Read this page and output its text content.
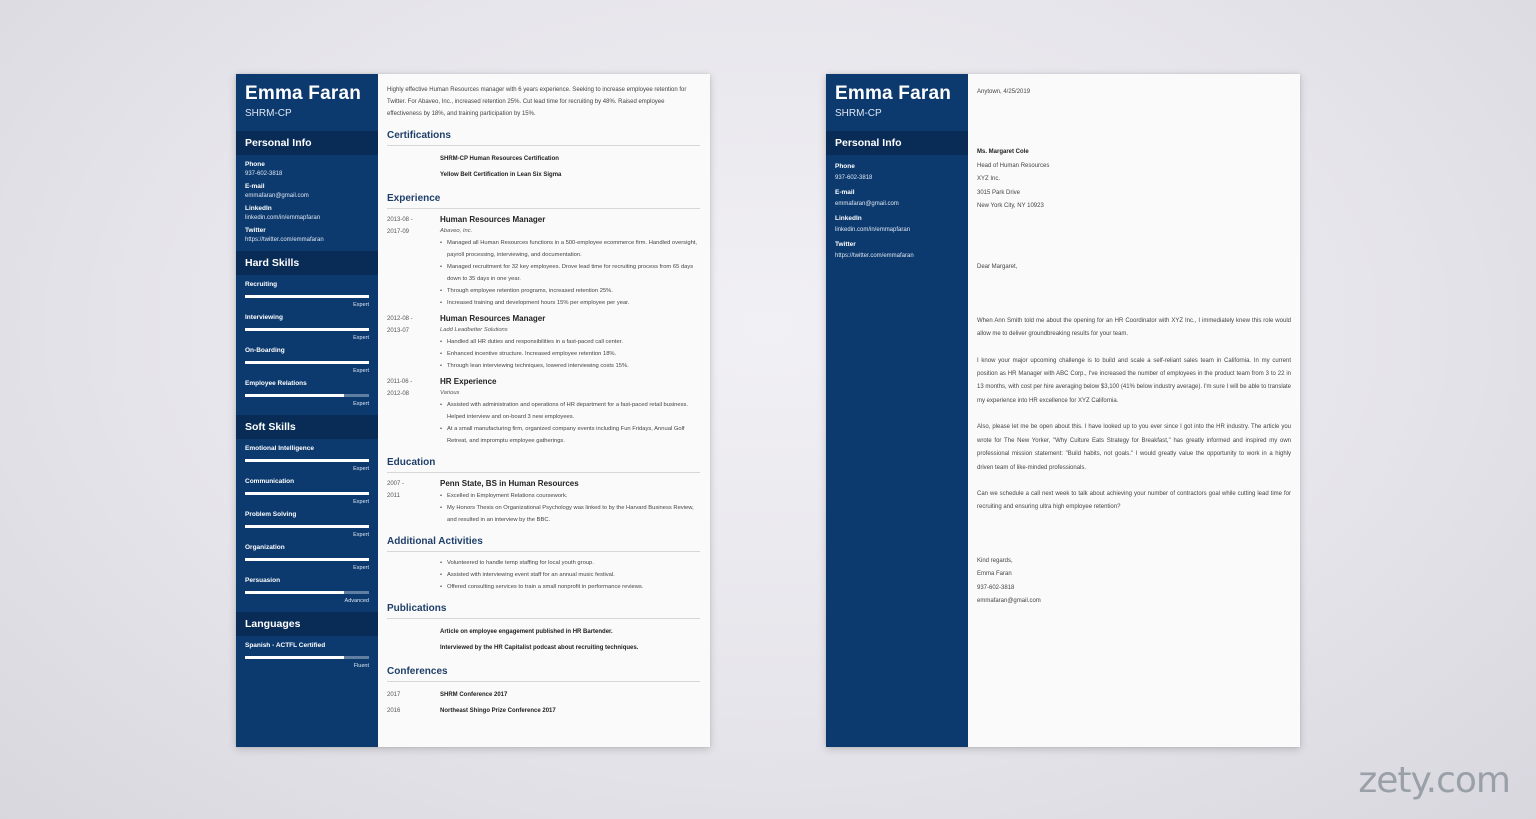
Emma Faran
SHRM-CP
Personal Info
Phone
937-602-3818
E-mail
emmafaran@gmail.com
LinkedIn
linkedin.com/in/emmapfaran
Twitter
https://twitter.com/emmafaran
Hard Skills
Recruiting
Expert
Interviewing
Expert
On-Boarding
Expert
Employee Relations
Expert
Soft Skills
Emotional Intelligence
Expert
Communication
Expert
Problem Solving
Expert
Organization
Expert
Persuasion
Advanced
Languages
Spanish - ACTFL Certified
Fluent
Highly effective Human Resources manager with 6 years experience. Seeking to increase employee retention for Twitter. For Abaveo, Inc., increased retention 25%. Cut lead time for recruiting by 48%. Raised employee effectiveness by 18%, and training participation by 15%.
Certifications
SHRM-CP Human Resources Certification
Yellow Belt Certification in Lean Six Sigma
Experience
2013-08 -
2017-09
Human Resources Manager
Abaveo, Inc.
• Managed all Human Resources functions in a 500-employee ecommerce firm. Handled oversight, payroll processing, interviewing, and documentation.
• Managed recruitment for 32 key employees. Drove lead time for recruiting process from 65 days down to 35 days in one year.
• Through employee retention programs, increased retention 25%.
• Increased training and development hours 15% per employee per year.
2012-08 -
2013-07
Human Resources Manager
Ladd Leadbetter Solutions
• Handled all HR duties and responsibilities in a fast-paced call center.
• Enhanced incentive structure. Increased employee retention 18%.
• Through lean interviewing techniques, lowered interviewing costs 15%.
2011-06 -
2012-08
HR Experience
Various
• Assisted with administration and operations of HR department for a fast-paced retail business. Helped interview and on-board 3 new employees.
• At a small manufacturing firm, organized company events including Fun Fridays, Annual Golf Retreat, and impromptu employee gatherings.
Education
2007 -
2011
Penn State, BS in Human Resources
• Excelled in Employment Relations coursework.
• My Honors Thesis on Organizational Psychology was linked to by the Harvard Business Review, and resulted in an interview by the BBC.
Additional Activities
• Volunteered to handle temp staffing for local youth group.
• Assisted with interviewing event staff for an annual music festival.
• Offered consulting services to train a small nonprofit in performance reviews.
Publications
Article on employee engagement published in HR Bartender.
Interviewed by the HR Capitalist podcast about recruiting techniques.
Conferences
2017	SHRM Conference 2017
2016	Northeast Shingo Prize Conference 2017
Emma Faran
SHRM-CP
Personal Info
Phone
937-602-3818
E-mail
emmafaran@gmail.com
LinkedIn
linkedin.com/in/emmapfaran
Twitter
https://twitter.com/emmafaran

Anytown, 4/25/2019

Ms. Margaret Cole

Head of Human Resources

XYZ Inc.

3015 Park Drive

New York City, NY 10923

Dear Margaret,

When Ann Smith told me about the opening for an HR Coordinator with XYZ Inc., I immediately knew this role would allow me to deliver groundbreaking results for your team.

I know your major upcoming challenge is to build and scale a self-reliant sales team in California. In my current position as HR Manager with ABC Corp., I've increased the number of employees in the product team from 3 to 22 in 13 months, with cost per hire averaging below $3,100 (41% below industry average). I'm sure I will be able to translate my experience into HR excellence for XYZ California.

Also, please let me be open about this. I have looked up to you ever since I got into the HR industry. The article you wrote for The New Yorker, "Why Culture Eats Strategy for Breakfast," has greatly informed and inspired my own professional mission statement: "Build habits, not goals." I would greatly value the opportunity to work in a highly driven team of like-minded professionals.

Can we schedule a call next week to talk about achieving your number of contractors goal while cutting lead time for recruiting and ensuring ultra high employee retention?

Kind regards,

Emma Faran

937-602-3818

emmafaran@gmail.com

zety.com
